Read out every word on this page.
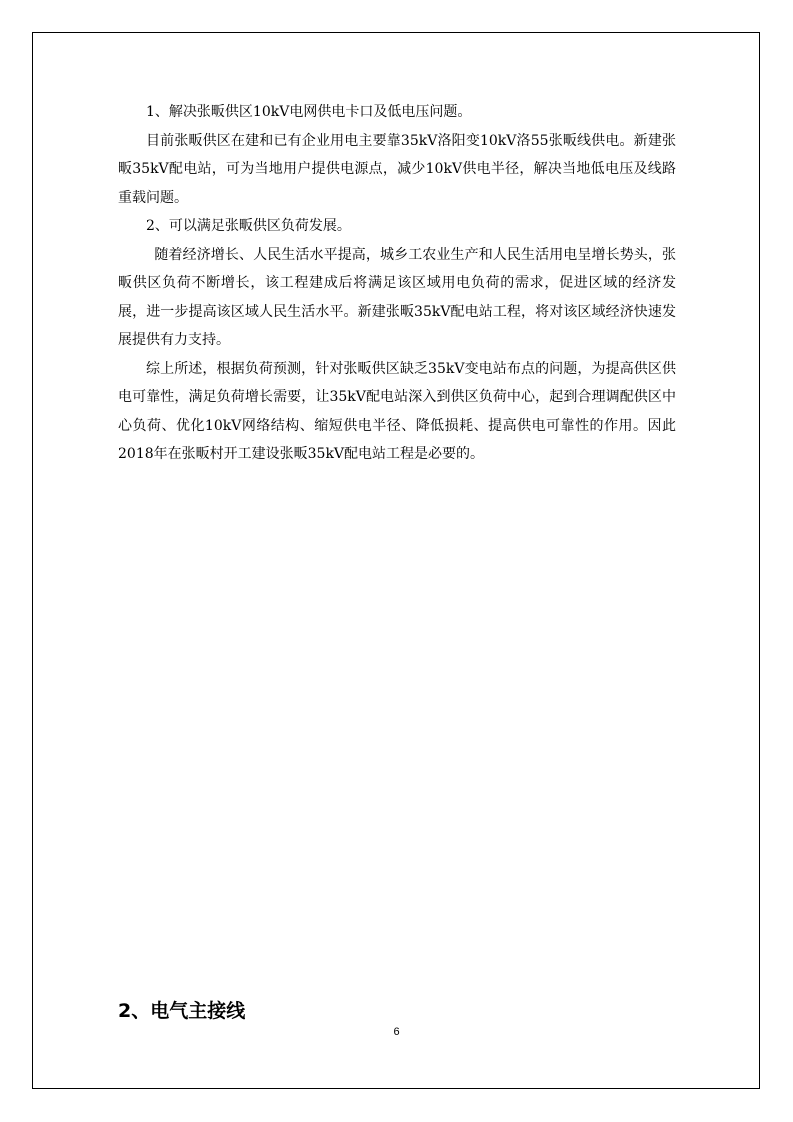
1、解决张畈供区10kV电网供电卡口及低电压问题。

目前张畈供区在建和已有企业用电主要靠35kV洛阳变10kV洛55张畈线供电。新建张畈35kV配电站，可为当地用户提供电源点，减少10kV供电半径，解决当地低电压及线路重载问题。

2、可以满足张畈供区负荷发展。

随着经济增长、人民生活水平提高，城乡工农业生产和人民生活用电呈增长势头，张畈供区负荷不断增长，该工程建成后将满足该区域用电负荷的需求，促进区域的经济发展，进一步提高该区域人民生活水平。新建张畈35kV配电站工程，将对该区域经济快速发展提供有力支持。

综上所述，根据负荷预测，针对张畈供区缺乏35kV变电站布点的问题，为提高供区供电可靠性，满足负荷增长需要，让35kV配电站深入到供区负荷中心，起到合理调配供区中心负荷、优化10kV网络结构、缩短供电半径、降低损耗、提高供电可靠性的作用。因此2018年在张畈村开工建设张畈35kV配电站工程是必要的。

2、电气主接线
6
